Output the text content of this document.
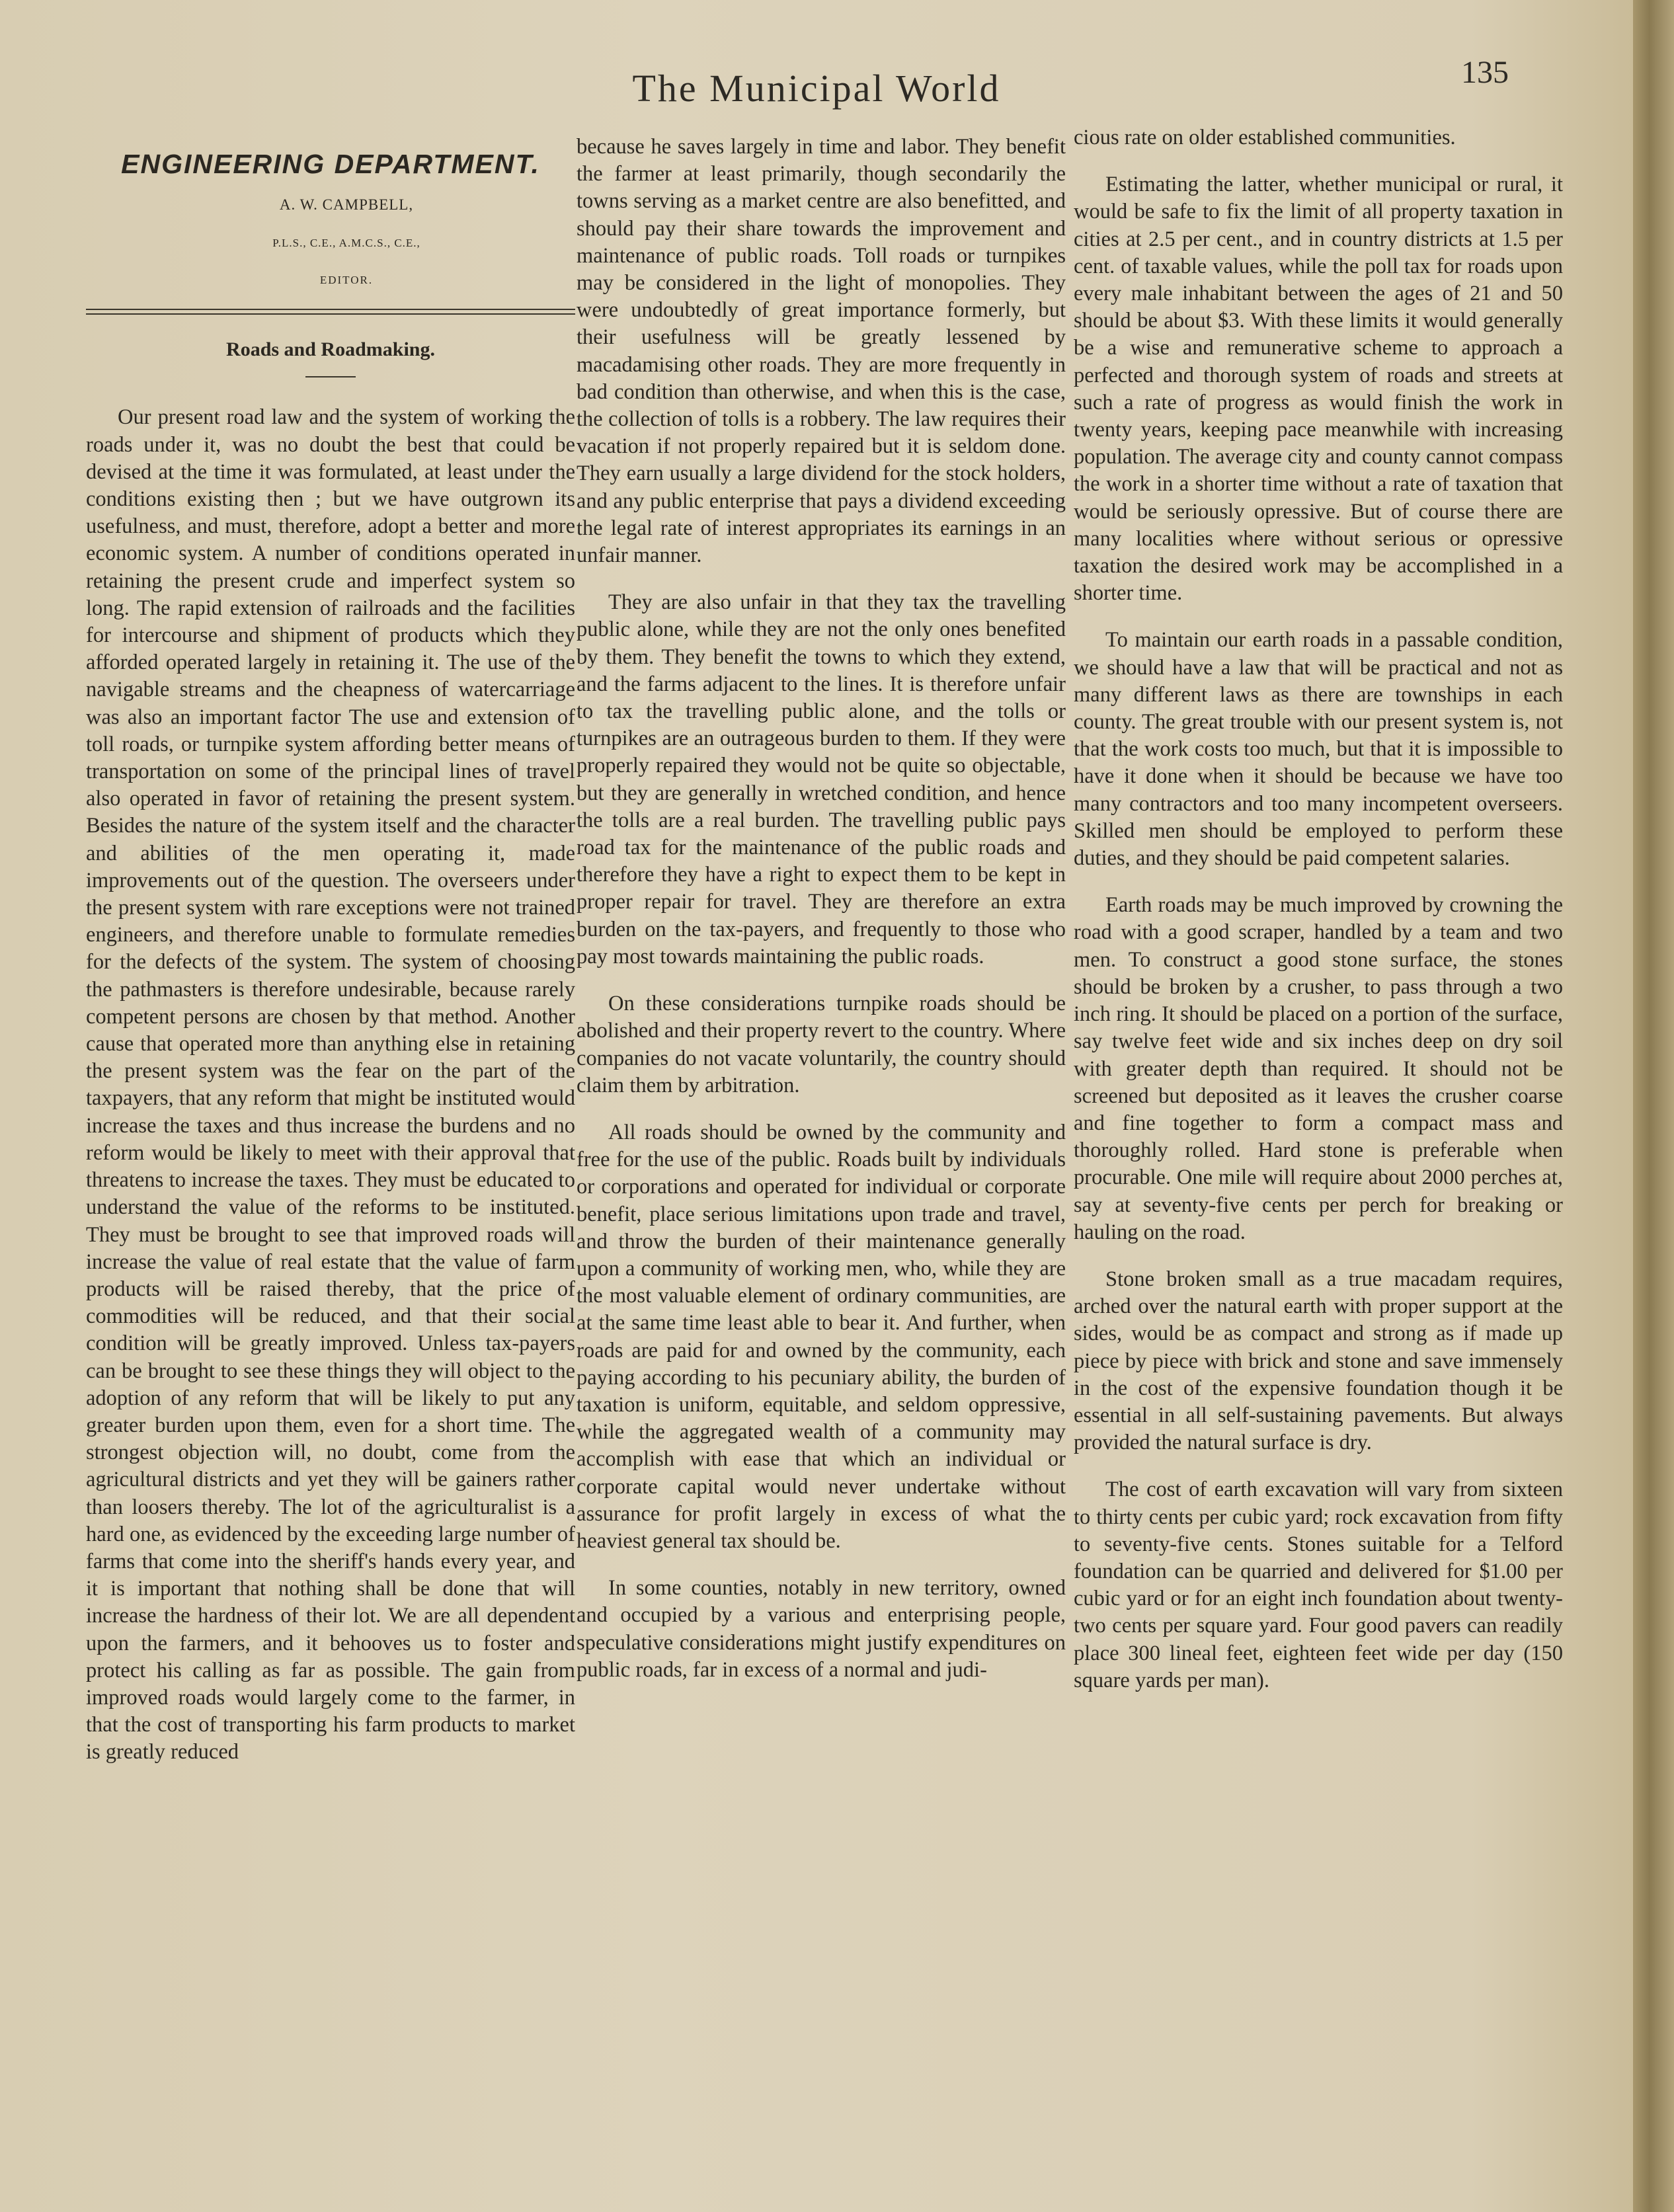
The Municipal World	135
ENGINEERING DEPARTMENT.

A. W. CAMPBELL,

P.L.S., C.E., A.M.C.S., C.E.,

EDITOR.

Roads and Roadmaking.

Our present road law and the system of working the roads under it, was no doubt the best that could be devised at the time it was formulated, at least under the conditions existing then ; but we have outgrown its usefulness, and must, therefore, adopt a better and more economic system. A number of conditions operated in retaining the present crude and imperfect system so long. The rapid extension of railroads and the facilities for intercourse and shipment of products which they afforded operated largely in retaining it. The use of the navigable streams and the cheapness of watercarriage was also an important factor The use and extension of toll roads, or turnpike system affording better means of transportation on some of the principal lines of travel also operated in favor of retaining the present system. Besides the nature of the system itself and the character and abilities of the men operating it, made improvements out of the question. The overseers under the present system with rare exceptions were not trained engineers, and therefore unable to formulate remedies for the defects of the system. The system of choosing the pathmasters is therefore undesirable, because rarely competent persons are chosen by that method. Another cause that operated more than anything else in retaining the present system was the fear on the part of the taxpayers, that any reform that might be instituted would increase the taxes and thus increase the burdens and no reform would be likely to meet with their approval that threatens to increase the taxes. They must be educated to understand the value of the reforms to be instituted. They must be brought to see that improved roads will increase the value of real estate that the value of farm products will be raised thereby, that the price of commodities will be reduced, and that their social condition will be greatly improved. Unless tax-payers can be brought to see these things they will object to the adoption of any reform that will be likely to put any greater burden upon them, even for a short time. The strongest objection will, no doubt, come from the agricultural districts and yet they will be gainers rather than loosers thereby. The lot of the agriculturalist is a hard one, as evidenced by the exceeding large number of farms that come into the sheriff's hands every year, and it is important that nothing shall be done that will increase the hardness of their lot. We are all dependent upon the farmers, and it behooves us to foster and protect his calling as far as possible. The gain from improved roads would largely come to the farmer, in that the cost of transporting his farm products to market is greatly reduced

because he saves largely in time and labor. They benefit the farmer at least primarily, though secondarily the towns serving as a market centre are also benefitted, and should pay their share towards the improvement and maintenance of public roads. Toll roads or turnpikes may be considered in the light of monopolies. They were undoubtedly of great importance formerly, but their usefulness will be greatly lessened by macadamising other roads. They are more frequently in bad condition than otherwise, and when this is the case, the collection of tolls is a robbery. The law requires their vacation if not properly repaired but it is seldom done. They earn usually a large dividend for the stock holders, and any public enterprise that pays a dividend exceeding the legal rate of interest appropriates its earnings in an unfair manner.

They are also unfair in that they tax the travelling public alone, while they are not the only ones benefited by them. They benefit the towns to which they extend, and the farms adjacent to the lines. It is therefore unfair to tax the travelling public alone, and the tolls or turnpikes are an outrageous burden to them. If they were properly repaired they would not be quite so objectable, but they are generally in wretched condition, and hence the tolls are a real burden. The travelling public pays road tax for the maintenance of the public roads and therefore they have a right to expect them to be kept in proper repair for travel. They are therefore an extra burden on the tax-payers, and frequently to those who pay most towards maintaining the public roads.

On these considerations turnpike roads should be abolished and their property revert to the country. Where companies do not vacate voluntarily, the country should claim them by arbitration.

All roads should be owned by the community and free for the use of the public. Roads built by individuals or corporations and operated for individual or corporate benefit, place serious limitations upon trade and travel, and throw the burden of their maintenance generally upon a community of working men, who, while they are the most valuable element of ordinary communities, are at the same time least able to bear it. And further, when roads are paid for and owned by the community, each paying according to his pecuniary ability, the burden of taxation is uniform, equitable, and seldom oppressive, while the aggregated wealth of a community may accomplish with ease that which an individual or corporate capital would never undertake without assurance for profit largely in excess of what the heaviest general tax should be.

In some counties, notably in new territory, owned and occupied by a various and enterprising people, speculative considerations might justify expenditures on public roads, far in excess of a normal and judi-

cious rate on older established communities.

Estimating the latter, whether municipal or rural, it would be safe to fix the limit of all property taxation in cities at 2.5 per cent., and in country districts at 1.5 per cent. of taxable values, while the poll tax for roads upon every male inhabitant between the ages of 21 and 50 should be about $3. With these limits it would generally be a wise and remunerative scheme to approach a perfected and thorough system of roads and streets at such a rate of progress as would finish the work in twenty years, keeping pace meanwhile with increasing population. The average city and county cannot compass the work in a shorter time without a rate of taxation that would be seriously opressive. But of course there are many localities where without serious or opressive taxation the desired work may be accomplished in a shorter time.

To maintain our earth roads in a passable condition, we should have a law that will be practical and not as many different laws as there are townships in each county. The great trouble with our present system is, not that the work costs too much, but that it is impossible to have it done when it should be because we have too many contractors and too many incompetent overseers. Skilled men should be employed to perform these duties, and they should be paid competent salaries.

Earth roads may be much improved by crowning the road with a good scraper, handled by a team and two men. To construct a good stone surface, the stones should be broken by a crusher, to pass through a two inch ring. It should be placed on a portion of the surface, say twelve feet wide and six inches deep on dry soil with greater depth than required. It should not be screened but deposited as it leaves the crusher coarse and fine together to form a compact mass and thoroughly rolled. Hard stone is preferable when procurable. One mile will require about 2000 perches at, say at seventy-five cents per perch for breaking or hauling on the road.

Stone broken small as a true macadam requires, arched over the natural earth with proper support at the sides, would be as compact and strong as if made up piece by piece with brick and stone and save immensely in the cost of the expensive foundation though it be essential in all self-sustaining pavements. But always provided the natural surface is dry.

The cost of earth excavation will vary from sixteen to thirty cents per cubic yard; rock excavation from fifty to seventy-five cents. Stones suitable for a Telford foundation can be quarried and delivered for $1.00 per cubic yard or for an eight inch foundation about twenty-two cents per square yard. Four good pavers can readily place 300 lineal feet, eighteen feet wide per day (150 square yards per man).
